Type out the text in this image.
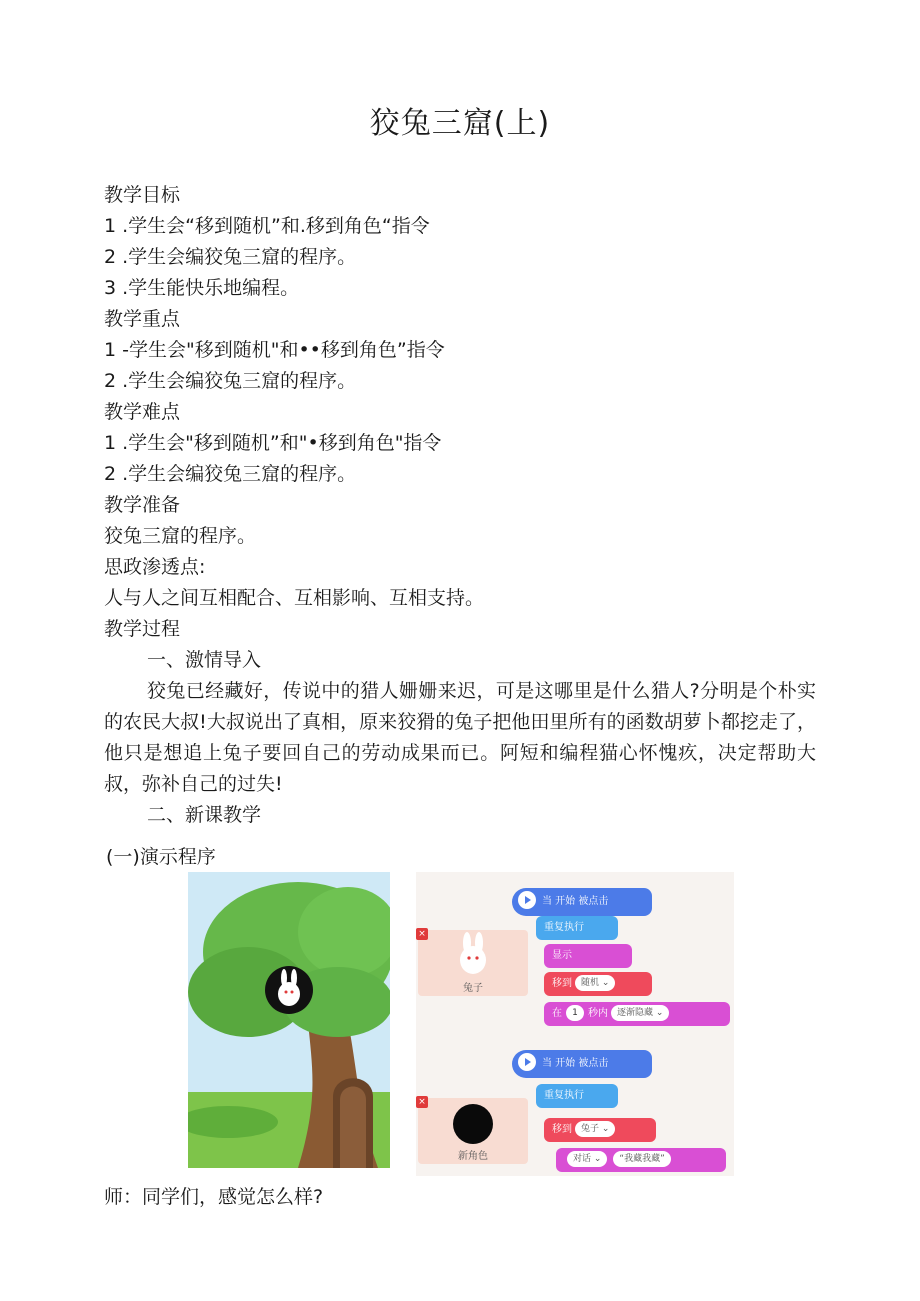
狡兔三窟(上)
教学目标
1 .学生会“移到随机”和.移到角色“指令
2 .学生会编狡兔三窟的程序。
3 .学生能快乐地编程。
教学重点
1 -学生会"移到随机"和••移到角色”指令
2 .学生会编狡兔三窟的程序。
教学难点
1 .学生会"移到随机”和"•移到角色"指令
2 .学生会编狡兔三窟的程序。
教学准备
狡兔三窟的程序。
思政渗透点:
人与人之间互相配合、互相影响、互相支持。
教学过程
一、激情导入
狡兔已经藏好，传说中的猎人姗姗来迟，可是这哪里是什么猎人?分明是个朴实的农民大叔!大叔说出了真相，原来狡猾的兔子把他田里所有的函数胡萝卜都挖走了，他只是想追上兔子要回自己的劳动成果而已。阿短和编程猫心怀愧疚，决定帮助大叔，弥补自己的过失!
二、新课教学
(一)演示程序
×
兔子
当 开始 被点击
重复执行
显示
移到 随机 ⌄
在 1 秒内 逐渐隐藏 ⌄
×
新角色
当 开始 被点击
重复执行
移到 兔子 ⌄
对话 ⌄ “我藏我藏”
师：同学们，感觉怎么样?
